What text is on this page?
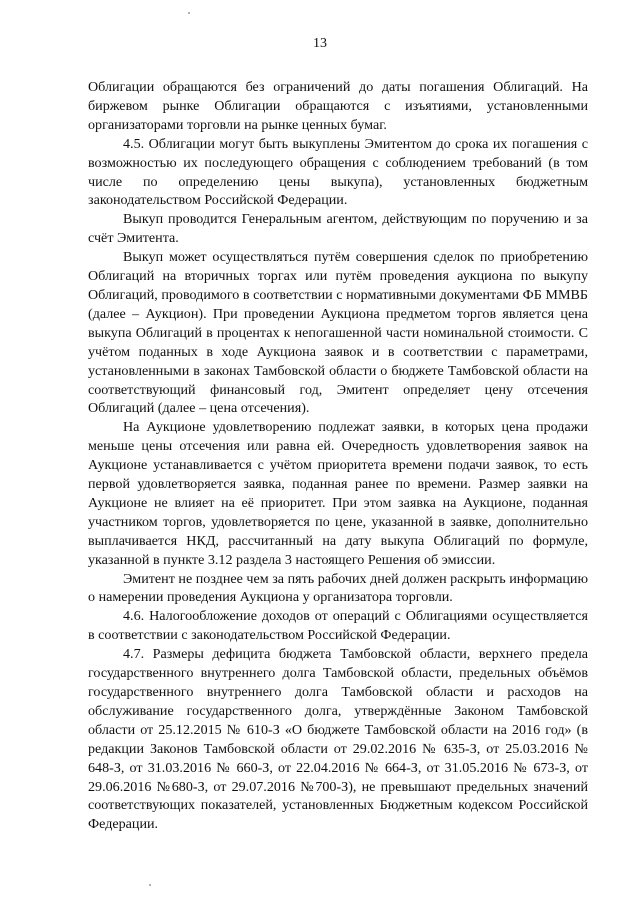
13

Облигации обращаются без ограничений до даты погашения Облигаций. На биржевом рынке Облигации обращаются с изъятиями, установленными организаторами торговли на рынке ценных бумаг.

4.5. Облигации могут быть выкуплены Эмитентом до срока их погашения с возможностью их последующего обращения с соблюдением требований (в том числе по определению цены выкупа), установленных бюджетным законодательством Российской Федерации.

Выкуп проводится Генеральным агентом, действующим по поручению и за счёт Эмитента.

Выкуп может осуществляться путём совершения сделок по приобретению Облигаций на вторичных торгах или путём проведения аукциона по выкупу Облигаций, проводимого в соответствии с нормативными документами ФБ ММВБ (далее – Аукцион). При проведении Аукциона предметом торгов является цена выкупа Облигаций в процентах к непогашенной части номинальной стоимости. С учётом поданных в ходе Аукциона заявок и в соответствии с параметрами, установленными в законах Тамбовской области о бюджете Тамбовской области на соответствующий финансовый год, Эмитент определяет цену отсечения Облигаций (далее – цена отсечения).

На Аукционе удовлетворению подлежат заявки, в которых цена продажи меньше цены отсечения или равна ей. Очередность удовлетворения заявок на Аукционе устанавливается с учётом приоритета времени подачи заявок, то есть первой удовлетворяется заявка, поданная ранее по времени. Размер заявки на Аукционе не влияет на её приоритет. При этом заявка на Аукционе, поданная участником торгов, удовлетворяется по цене, указанной в заявке, дополнительно выплачивается НКД, рассчитанный на дату выкупа Облигаций по формуле, указанной в пункте 3.12 раздела 3 настоящего Решения об эмиссии.

Эмитент не позднее чем за пять рабочих дней должен раскрыть информацию о намерении проведения Аукциона у организатора торговли.

4.6. Налогообложение доходов от операций с Облигациями осуществляется в соответствии с законодательством Российской Федерации.

4.7. Размеры дефицита бюджета Тамбовской области, верхнего предела государственного внутреннего долга Тамбовской области, предельных объёмов государственного внутреннего долга Тамбовской области и расходов на обслуживание государственного долга, утверждённые Законом Тамбовской области от 25.12.2015 № 610-З «О бюджете Тамбовской области на 2016 год» (в редакции Законов Тамбовской области от 29.02.2016 № 635-З, от 25.03.2016 № 648-З, от 31.03.2016 № 660-З, от 22.04.2016 № 664-З, от 31.05.2016 № 673-З, от 29.06.2016 №680-З, от 29.07.2016 №700-З), не превышают предельных значений соответствующих показателей, установленных Бюджетным кодексом Российской Федерации.
